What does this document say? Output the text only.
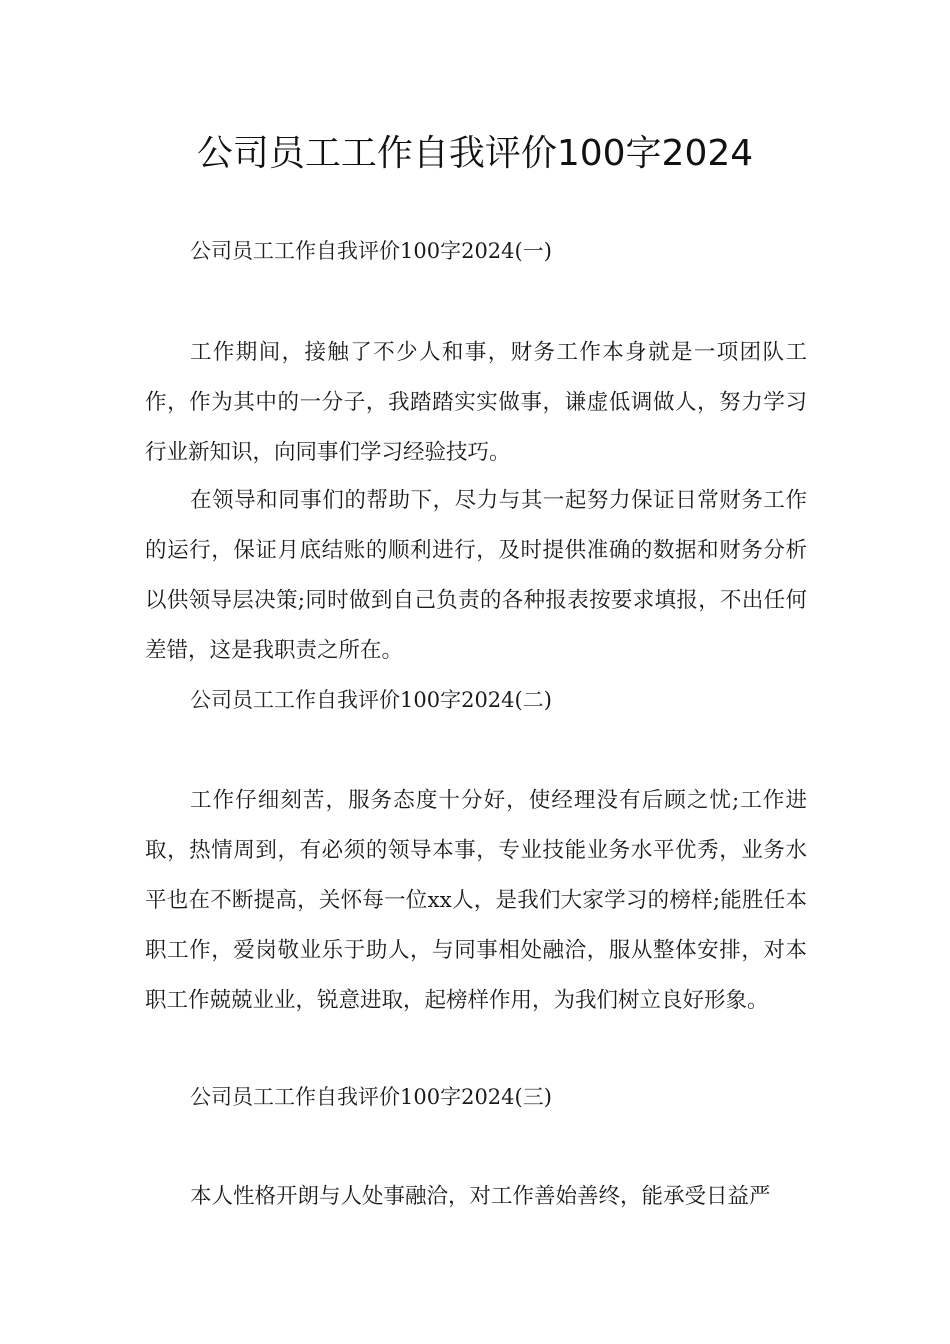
公司员工工作自我评价100字2024

公司员工工作自我评价100字2024(一)

工作期间，接触了不少人和事，财务工作本身就是一项团队工作，作为其中的一分子，我踏踏实实做事，谦虚低调做人，努力学习行业新知识，向同事们学习经验技巧。

在领导和同事们的帮助下，尽力与其一起努力保证日常财务工作的运行，保证月底结账的顺利进行，及时提供准确的数据和财务分析以供领导层决策;同时做到自己负责的各种报表按要求填报，不出任何差错，这是我职责之所在。

公司员工工作自我评价100字2024(二)

工作仔细刻苦，服务态度十分好，使经理没有后顾之忧;工作进取，热情周到，有必须的领导本事，专业技能业务水平优秀，业务水平也在不断提高，关怀每一位xx人，是我们大家学习的榜样;能胜任本职工作，爱岗敬业乐于助人，与同事相处融洽，服从整体安排，对本职工作兢兢业业，锐意进取，起榜样作用，为我们树立良好形象。

公司员工工作自我评价100字2024(三)

本人性格开朗与人处事融洽，对工作善始善终，能承受日益严
